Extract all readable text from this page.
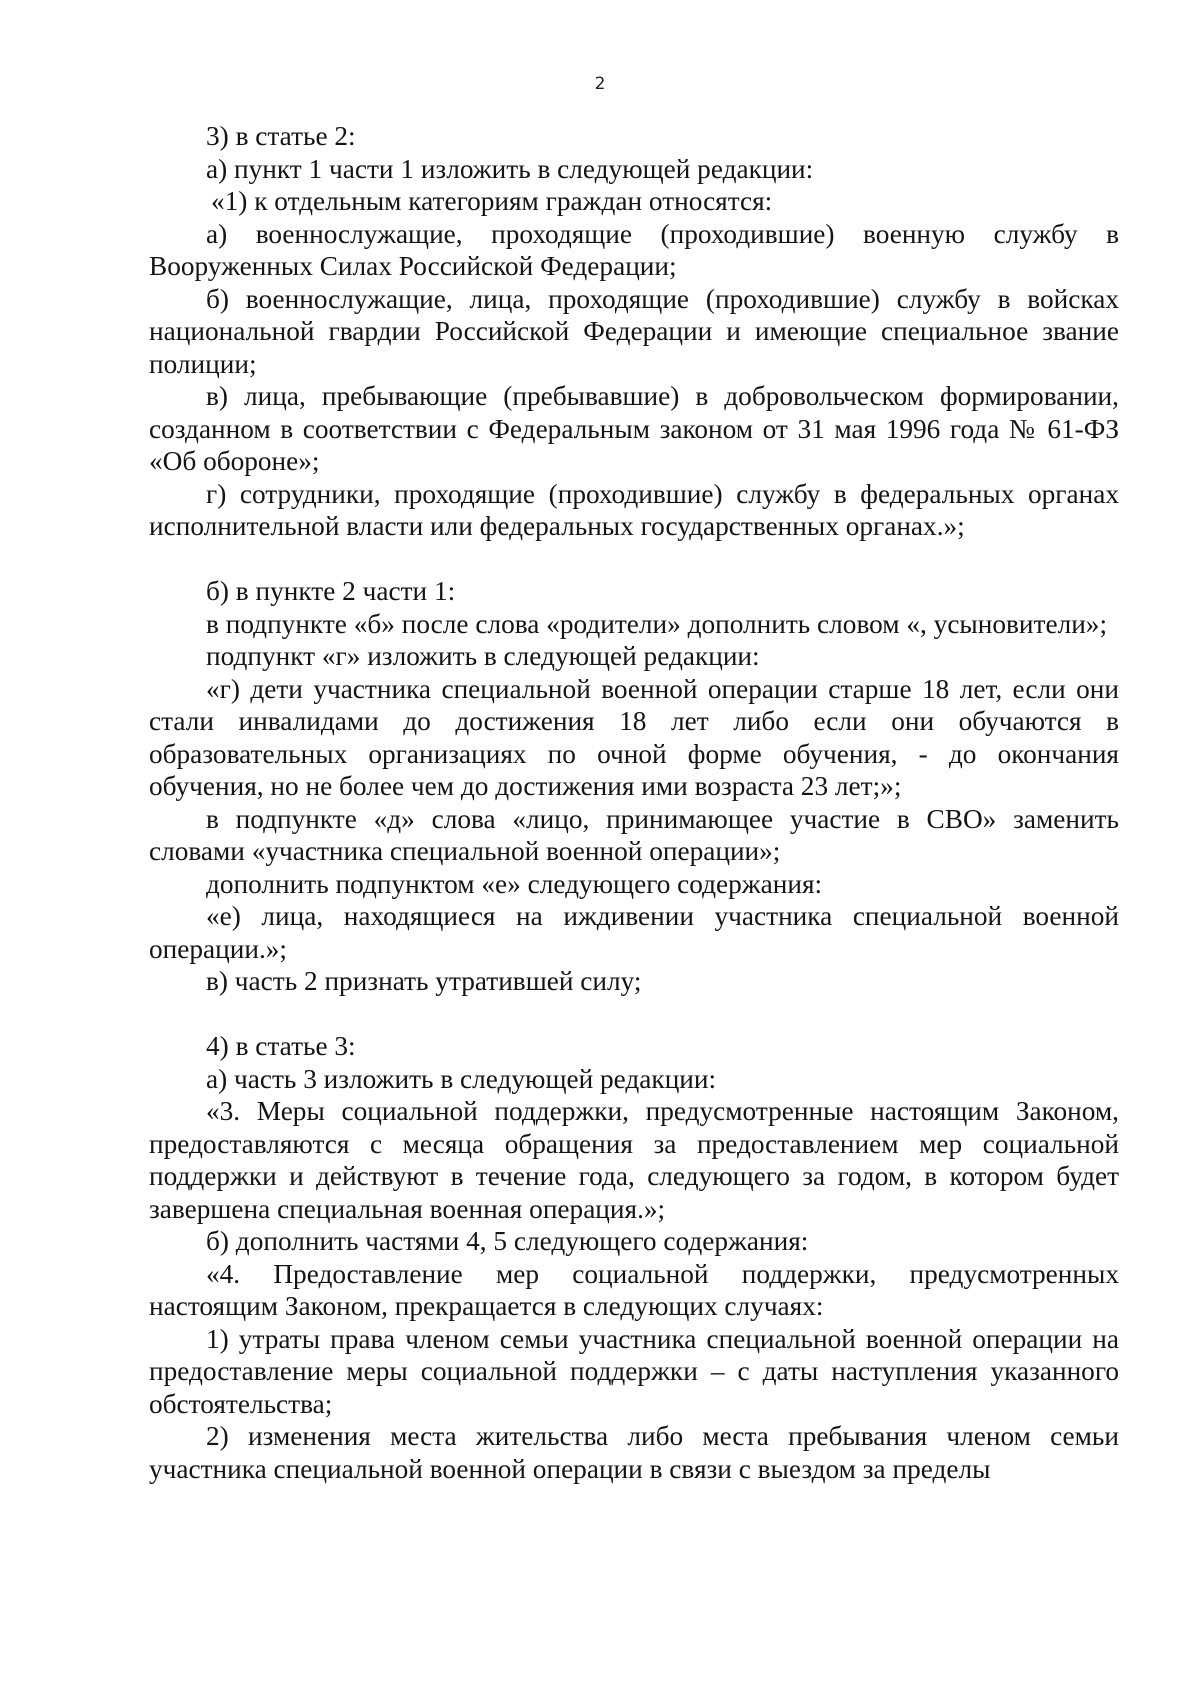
2

3) в статье 2:

а) пункт 1 части 1 изложить в следующей редакции:

«1) к отдельным категориям граждан относятся:

а) военнослужащие, проходящие (проходившие) военную службу в Вооруженных Силах Российской Федерации;

б) военнослужащие, лица, проходящие (проходившие) службу в войсках национальной гвардии Российской Федерации и имеющие специальное звание полиции;

в) лица, пребывающие (пребывавшие) в добровольческом формировании, созданном в соответствии с Федеральным законом от 31 мая 1996 года № 61-ФЗ «Об обороне»;

г) сотрудники, проходящие (проходившие) службу в федеральных органах исполнительной власти или федеральных государственных органах.»;

б) в пункте 2 части 1:

в подпункте «б» после слова «родители» дополнить словом «, усыновители»;

подпункт «г» изложить в следующей редакции:

«г) дети участника специальной военной операции старше 18 лет, если они стали инвалидами до достижения 18 лет либо если они обучаются в образовательных организациях по очной форме обучения, - до окончания обучения, но не более чем до достижения ими возраста 23 лет;»;

в подпункте «д» слова «лицо, принимающее участие в СВО» заменить словами «участника специальной военной операции»;

дополнить подпунктом «е» следующего содержания:

«е) лица, находящиеся на иждивении участника специальной военной операции.»;

в) часть 2 признать утратившей силу;

4) в статье 3:

а) часть 3 изложить в следующей редакции:

«3. Меры социальной поддержки, предусмотренные настоящим Законом, предоставляются с месяца обращения за предоставлением мер социальной поддержки и действуют в течение года, следующего за годом, в котором будет завершена специальная военная операция.»;

б) дополнить частями 4, 5 следующего содержания:

«4. Предоставление мер социальной поддержки, предусмотренных настоящим Законом, прекращается в следующих случаях:

1) утраты права членом семьи участника специальной военной операции на предоставление меры социальной поддержки – с даты наступления указанного обстоятельства;

2) изменения места жительства либо места пребывания членом семьи участника специальной военной операции в связи с выездом за пределы
